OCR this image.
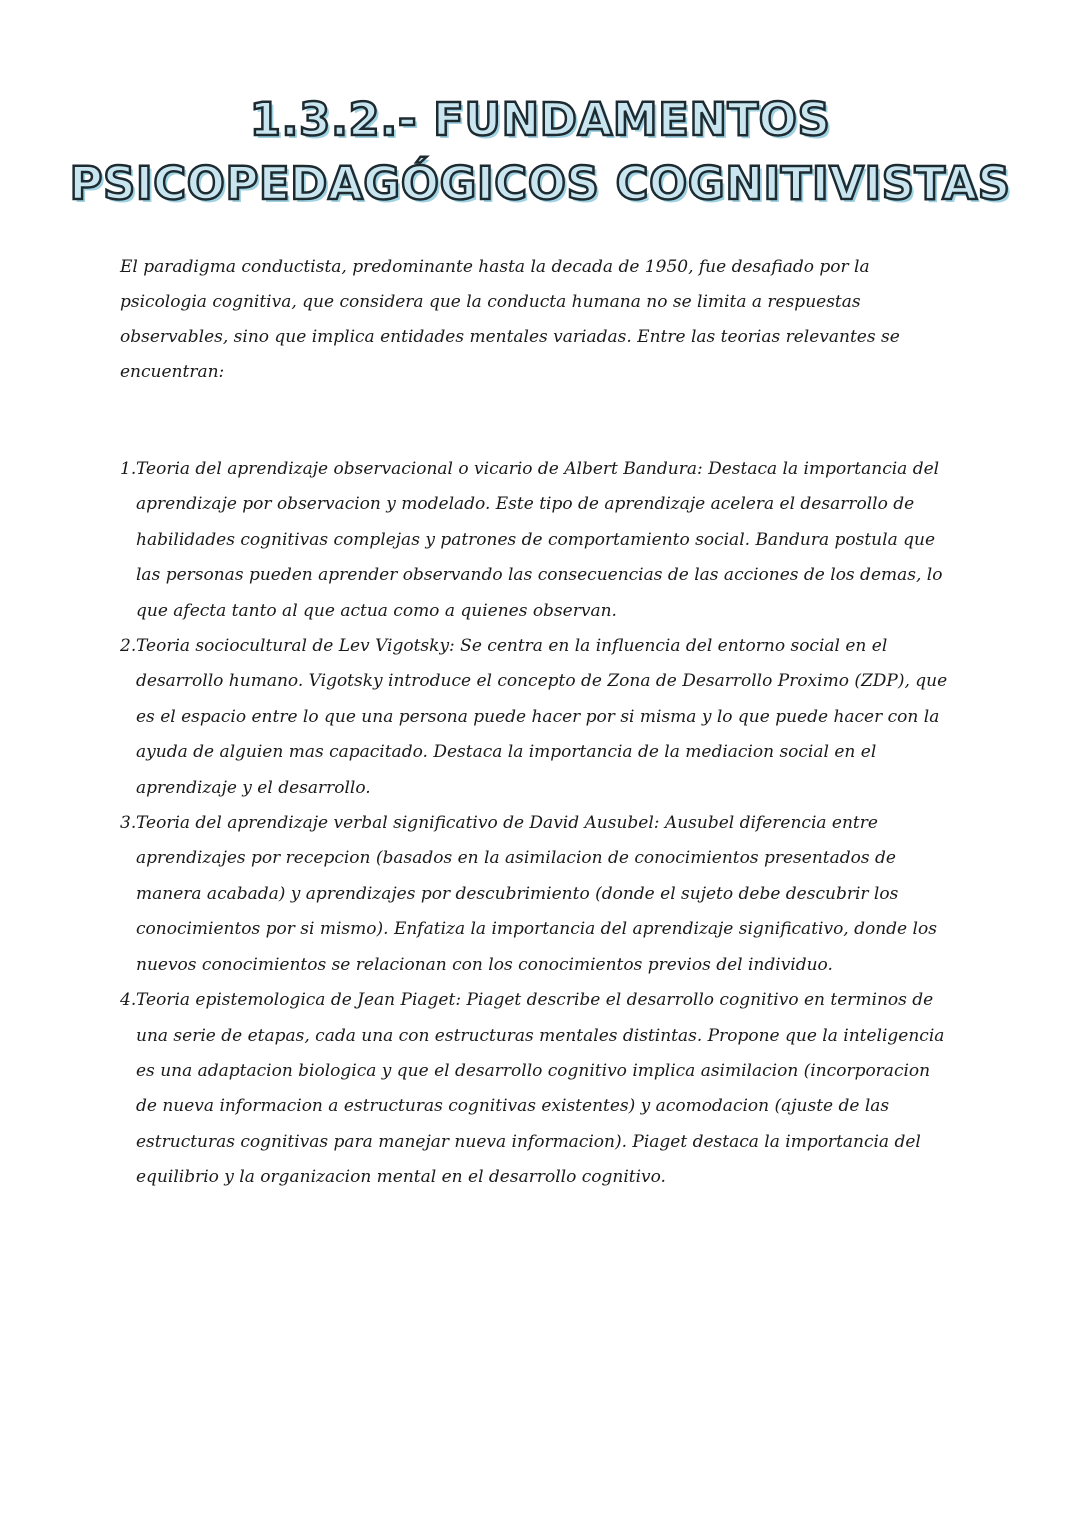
1.3.2.- FUNDAMENTOS
PSICOPEDAGÓGICOS COGNITIVISTAS

El paradigma conductista, predominante hasta la decada de 1950, fue desafiado por la psicologia cognitiva, que considera que la conducta humana no se limita a respuestas observables, sino que implica entidades mentales variadas. Entre las teorias relevantes se encuentran:

1. Teoria del aprendizaje observacional o vicario de Albert Bandura: Destaca la importancia del aprendizaje por observacion y modelado. Este tipo de aprendizaje acelera el desarrollo de habilidades cognitivas complejas y patrones de comportamiento social. Bandura postula que las personas pueden aprender observando las consecuencias de las acciones de los demas, lo que afecta tanto al que actua como a quienes observan.
2. Teoria sociocultural de Lev Vigotsky: Se centra en la influencia del entorno social en el desarrollo humano. Vigotsky introduce el concepto de Zona de Desarrollo Proximo (ZDP), que es el espacio entre lo que una persona puede hacer por si misma y lo que puede hacer con la ayuda de alguien mas capacitado. Destaca la importancia de la mediacion social en el aprendizaje y el desarrollo.
3. Teoria del aprendizaje verbal significativo de David Ausubel: Ausubel diferencia entre aprendizajes por recepcion (basados en la asimilacion de conocimientos presentados de manera acabada) y aprendizajes por descubrimiento (donde el sujeto debe descubrir los conocimientos por si mismo). Enfatiza la importancia del aprendizaje significativo, donde los nuevos conocimientos se relacionan con los conocimientos previos del individuo.
4. Teoria epistemologica de Jean Piaget: Piaget describe el desarrollo cognitivo en terminos de una serie de etapas, cada una con estructuras mentales distintas. Propone que la inteligencia es una adaptacion biologica y que el desarrollo cognitivo implica asimilacion (incorporacion de nueva informacion a estructuras cognitivas existentes) y acomodacion (ajuste de las estructuras cognitivas para manejar nueva informacion). Piaget destaca la importancia del equilibrio y la organizacion mental en el desarrollo cognitivo.
